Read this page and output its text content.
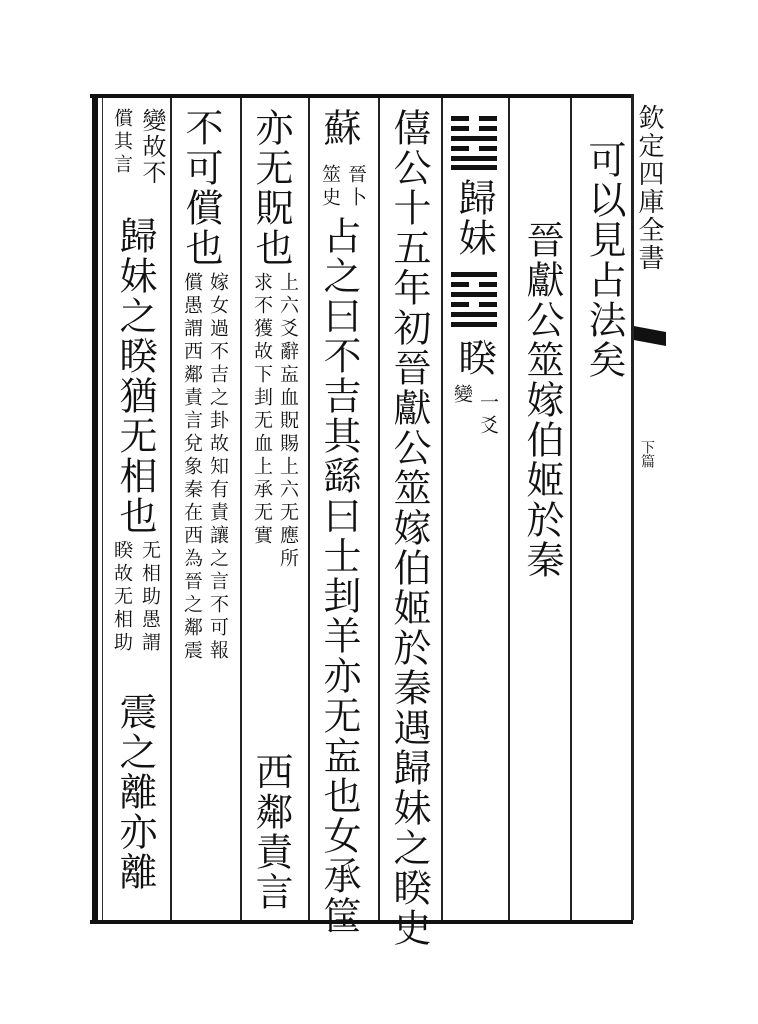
欽定四庫全書
下篇
可以見占法矣
晉獻公筮嫁伯姬於秦
歸妹
睽
一爻
變
僖公十五年初晉獻公筮嫁伯姬於秦遇歸妹之睽史
蘇
晉卜
筮史
占之曰不吉其繇曰士刲羊亦无衁也女承筐
亦无貺也
上六爻辭衁血貺賜上六无應所
求不獲故下刲无血上承无實
西鄰責言
不可償也
嫁女過不吉之卦故知有責讓之言不可報
償愚謂西鄰責言兌象秦在西為晉之鄰震
變故不
償其言
歸妹之睽猶无相也
无相助愚謂
睽故无相助
震之離亦離
